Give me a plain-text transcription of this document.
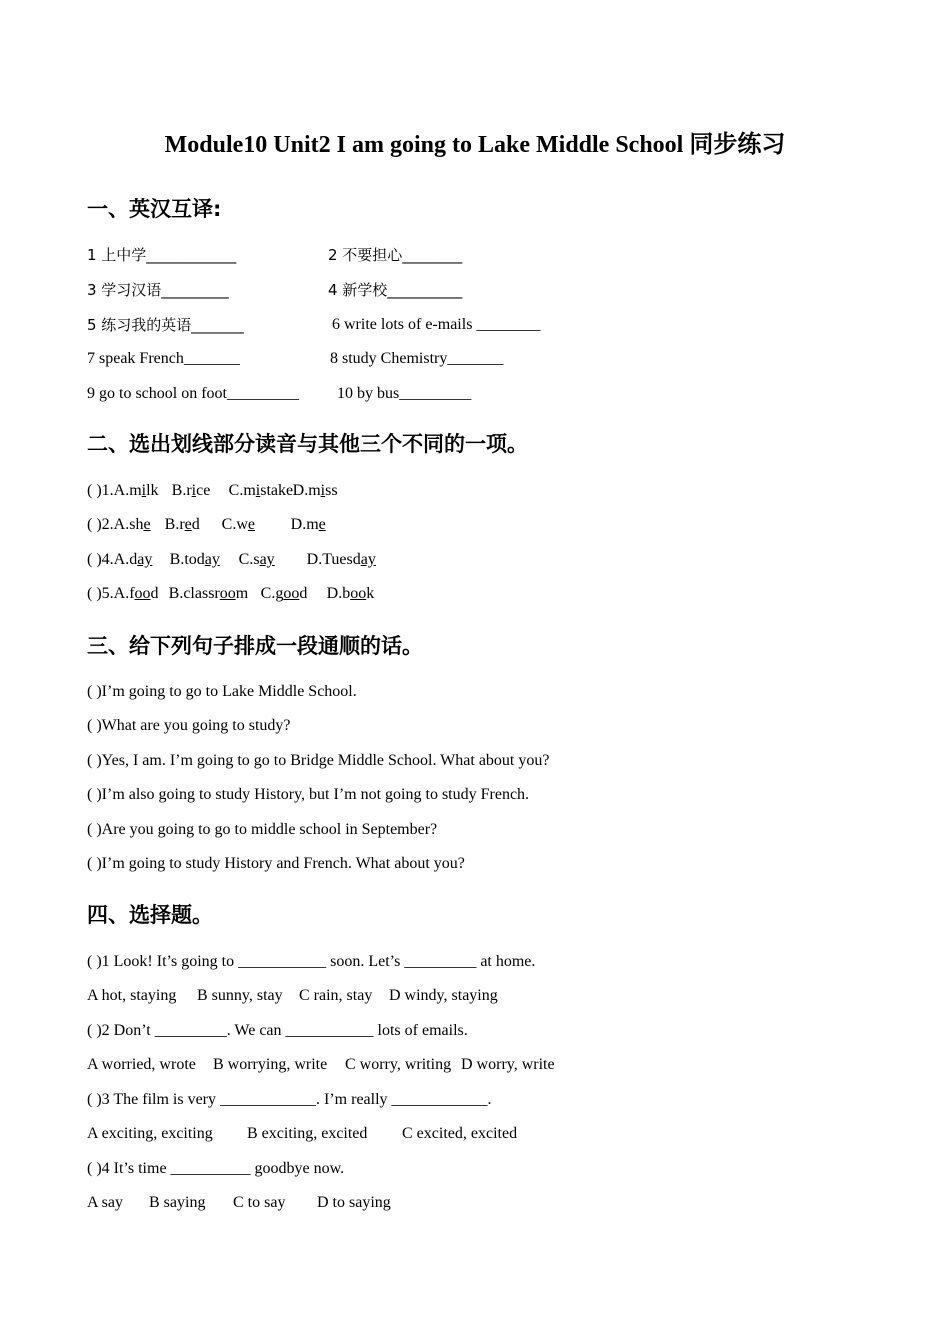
Module10 Unit2 I am going to Lake Middle School 同步练习
一、英汉互译:
1 上中学____________	2 不要担心________
3 学习汉语_________	4 新学校__________
5 练习我的英语_______	6 write lots of e-mails ________
7 speak French_______	8 study Chemistry_______
9 go to school on foot_________ 10 by bus_________
二、选出划线部分读音与其他三个不同的一项。
( )1.A.milk B.rice C.mistakeD.miss
( )2.A.she B.red C.we D.me
( )4.A.day B.today C.say D.Tuesday
( )5.A.food B.classroom C.good D.book
三、给下列句子排成一段通顺的话。
( )I’m going to go to Lake Middle School.
( )What are you going to study?
( )Yes, I am. I’m going to go to Bridge Middle School. What about you?
( )I’m also going to study History, but I’m not going to study French.
( )Are you going to go to middle school in September?
( )I’m going to study History and French. What about you?
四、选择题。
( )1 Look! It’s going to ___________ soon. Let’s _________ at home.
A hot, staying B sunny, stay C rain, stay D windy, staying
( )2 Don’t _________. We can ___________ lots of emails.
A worried, wrote B worrying, write C worry, writing D worry, write
( )3 The film is very ____________. I’m really ____________.
A exciting, exciting B exciting, excited C excited, excited
( )4 It’s time __________ goodbye now.
A say B saying C to say D to saying
